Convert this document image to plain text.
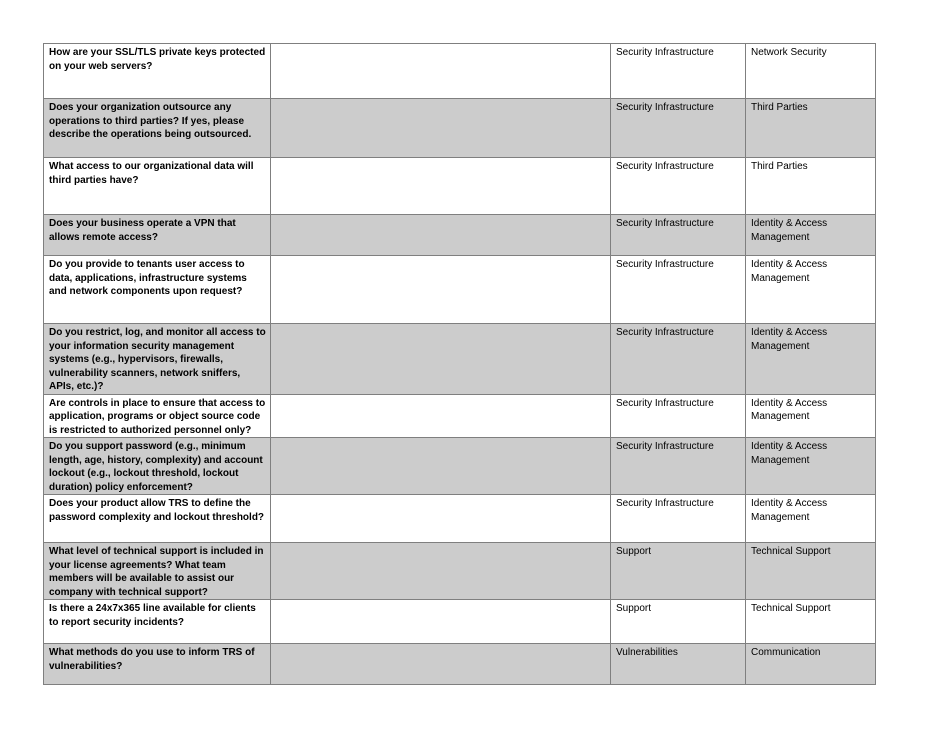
How are your SSL/TLS private keys protected on your web servers?		Security Infrastructure	Network Security
Does your organization outsource any operations to third parties? If yes, please describe the operations being outsourced.		Security Infrastructure	Third Parties
What access to our organizational data will third parties have?		Security Infrastructure	Third Parties
Does your business operate a VPN that allows remote access?		Security Infrastructure	Identity & Access Management
Do you provide to tenants user access to data, applications, infrastructure systems and network components upon request?		Security Infrastructure	Identity & Access Management
Do you restrict, log, and monitor all access to your information security management systems (e.g., hypervisors, firewalls, vulnerability scanners, network sniffers, APIs, etc.)?		Security Infrastructure	Identity & Access Management
Are controls in place to ensure that access to application, programs or object source code is restricted to authorized personnel only?		Security Infrastructure	Identity & Access Management
Do you support password (e.g., minimum length, age, history, complexity) and account lockout (e.g., lockout threshold, lockout duration) policy enforcement?		Security Infrastructure	Identity & Access Management
Does your product allow TRS to define the password complexity and lockout threshold?		Security Infrastructure	Identity & Access Management
What level of technical support is included in your license agreements? What team members will be available to assist our company with technical support?		Support	Technical Support
Is there a 24x7x365 line available for clients to report security incidents?		Support	Technical Support
What methods do you use to inform TRS of vulnerabilities?		Vulnerabilities	Communication
